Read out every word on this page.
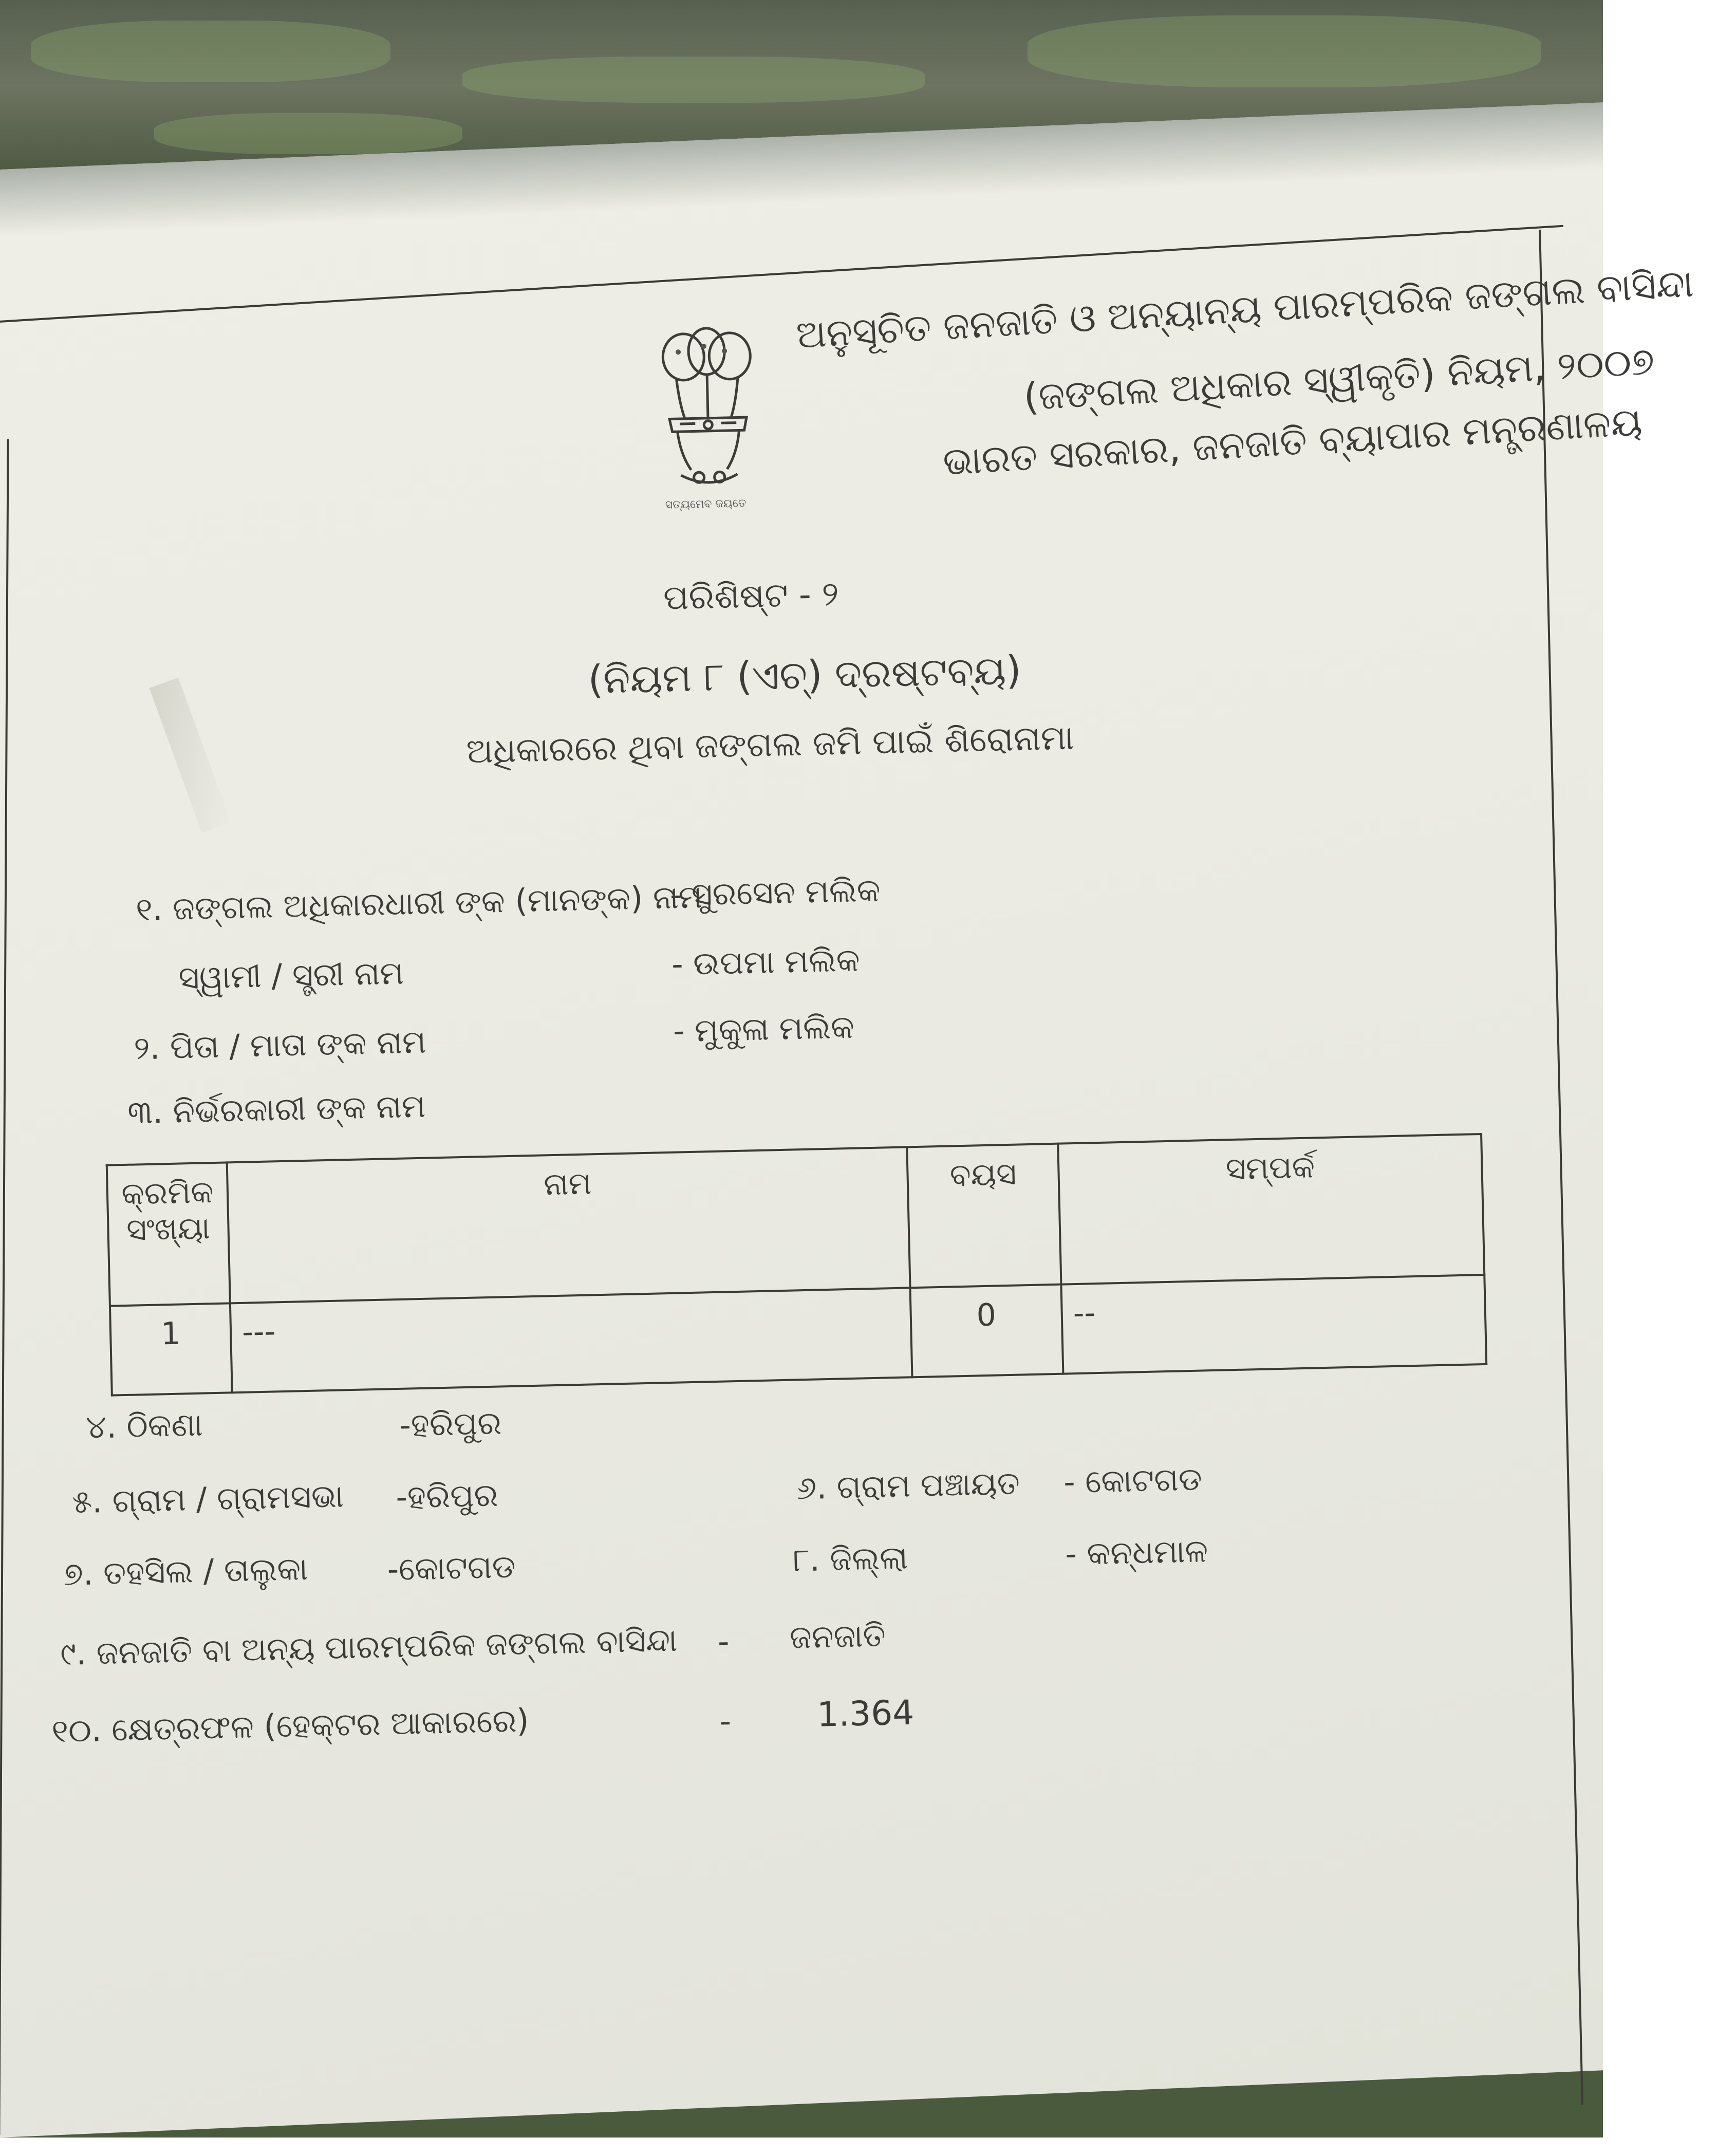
ସତ୍ୟମେବ ଜୟତେ
ଅନୁସୂଚିତ ଜନଜାତି ଓ ଅନ୍ୟାନ୍ୟ ପାରମ୍ପରିକ ଜଙ୍ଗଲ ବାସିନ୍ଦା
(ଜଙ୍ଗଲ ଅଧିକାର ସ୍ୱୀକୃତି) ନିୟମ, ୨୦୦୭
ଭାରତ ସରକାର, ଜନଜାତି ବ୍ୟାପାର ମନ୍ତ୍ରଣାଳୟ
ପରିଶିଷ୍ଟ - ୨
(ନିୟମ ୮ (ଏଚ୍) ଦ୍ରଷ୍ଟବ୍ୟ)
ଅଧିକାରରେ ଥିବା ଜଙ୍ଗଲ ଜମି ପାଇଁ ଶିରୋନାମା
୧. ଜଙ୍ଗଲ ଅଧିକାରଧାରୀ ଙ୍କ (ମାନଙ୍କ) ନାମ
- ସୁରସେନ ମଲିକ
ସ୍ୱାମୀ / ସ୍ତ୍ରୀ ନାମ	- ଉପମା ମଲିକ
୨. ପିତା / ମାତା ଙ୍କ ନାମ	- ମୁକୁଳା ମଲିକ
୩. ନିର୍ଭରକାରୀ ଙ୍କ ନାମ
କ୍ରମିକ ସଂଖ୍ୟା	ନାମ	ବୟସ	ସମ୍ପର୍କ
1	---	0	--
୪. ଠିକଣା	-ହରିପୁର
୫. ଗ୍ରାମ / ଗ୍ରାମସଭା -ହରିପୁର	୬. ଗ୍ରାମ ପଞ୍ଚାୟତ - କୋଟଗଡ
୭. ତହସିଲ / ତାଲୁକା -କୋଟଗଡ	୮. ଜିଲ୍ଲା	- କନ୍ଧମାଳ
୯. ଜନଜାତି ବା ଅନ୍ୟ ପାରମ୍ପରିକ ଜଙ୍ଗଲ ବାସିନ୍ଦା - ଜନଜାତି
୧୦. କ୍ଷେତ୍ରଫଳ (ହେକ୍ଟର ଆକାରରେ)	-	1.364
